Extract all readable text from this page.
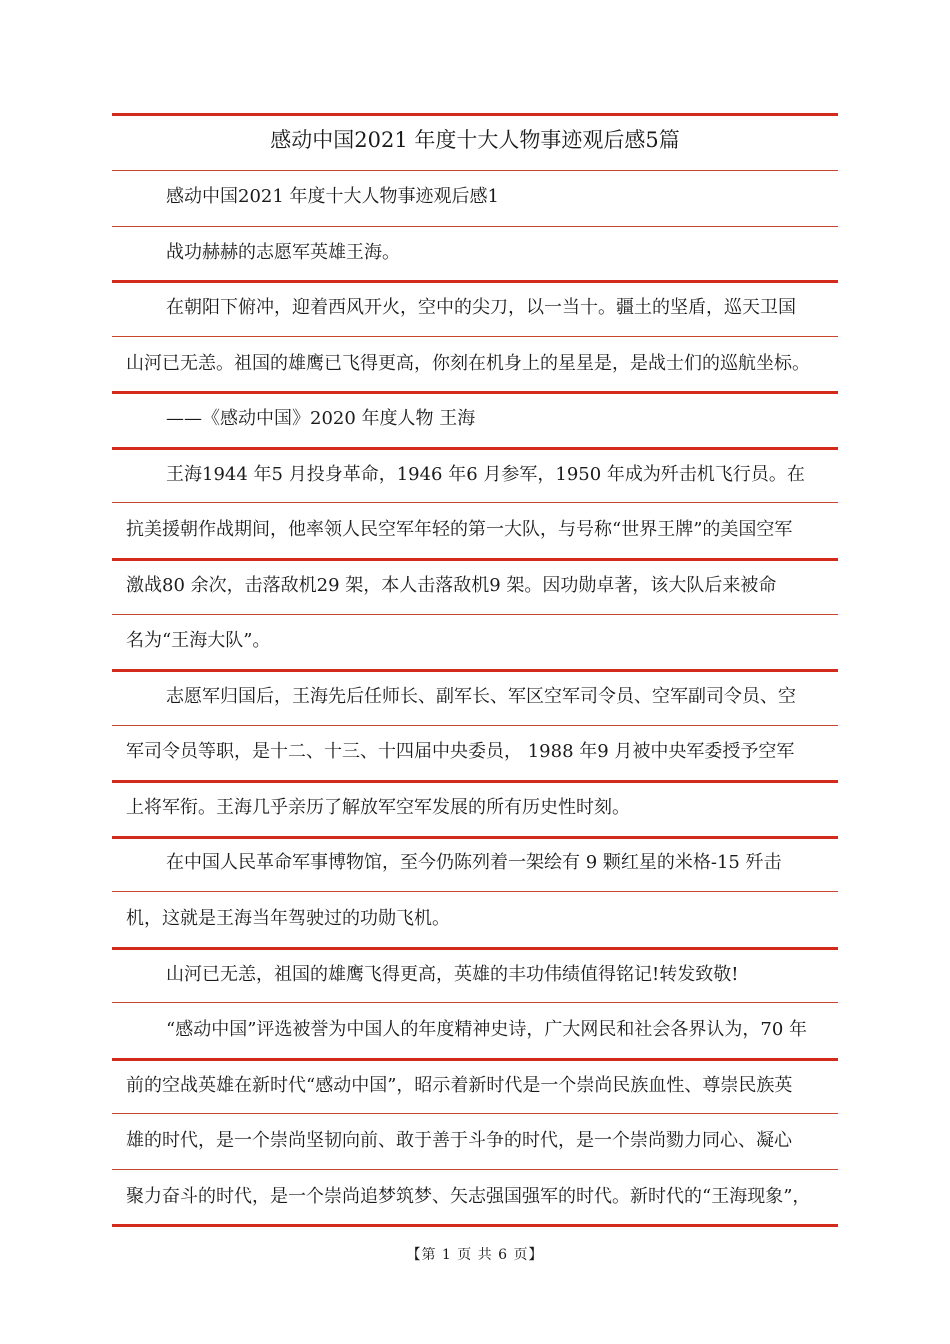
感动中国2021 年度十大人物事迹观后感5篇
感动中国2021 年度十大人物事迹观后感1
战功赫赫的志愿军英雄王海。
在朝阳下俯冲，迎着西风开火，空中的尖刀，以一当十。疆土的坚盾，巡天卫国
山河已无恙。祖国的雄鹰已飞得更高，你刻在机身上的星星是，是战士们的巡航坐标。
——《感动中国》2020 年度人物 王海
王海1944 年5 月投身革命，1946 年6 月参军，1950 年成为歼击机飞行员。在
抗美援朝作战期间，他率领人民空军年轻的第一大队，与号称“世界王牌”的美国空军
激战80 余次，击落敌机29 架，本人击落敌机9 架。因功勋卓著，该大队后来被命
名为“王海大队”。
志愿军归国后，王海先后任师长、副军长、军区空军司令员、空军副司令员、空
军司令员等职，是十二、十三、十四届中央委员， 1988 年9 月被中央军委授予空军
上将军衔。王海几乎亲历了解放军空军发展的所有历史性时刻。
在中国人民革命军事博物馆，至今仍陈列着一架绘有 9 颗红星的米格-15 歼击
机，这就是王海当年驾驶过的功勋飞机。
山河已无恙，祖国的雄鹰飞得更高，英雄的丰功伟绩值得铭记!转发致敬!
“感动中国”评选被誉为中国人的年度精神史诗，广大网民和社会各界认为，70 年
前的空战英雄在新时代“感动中国”，昭示着新时代是一个崇尚民族血性、尊崇民族英
雄的时代，是一个崇尚坚韧向前、敢于善于斗争的时代，是一个崇尚勠力同心、凝心
聚力奋斗的时代，是一个崇尚追梦筑梦、矢志强国强军的时代。新时代的“王海现象”，
【第 1 页 共 6 页】
